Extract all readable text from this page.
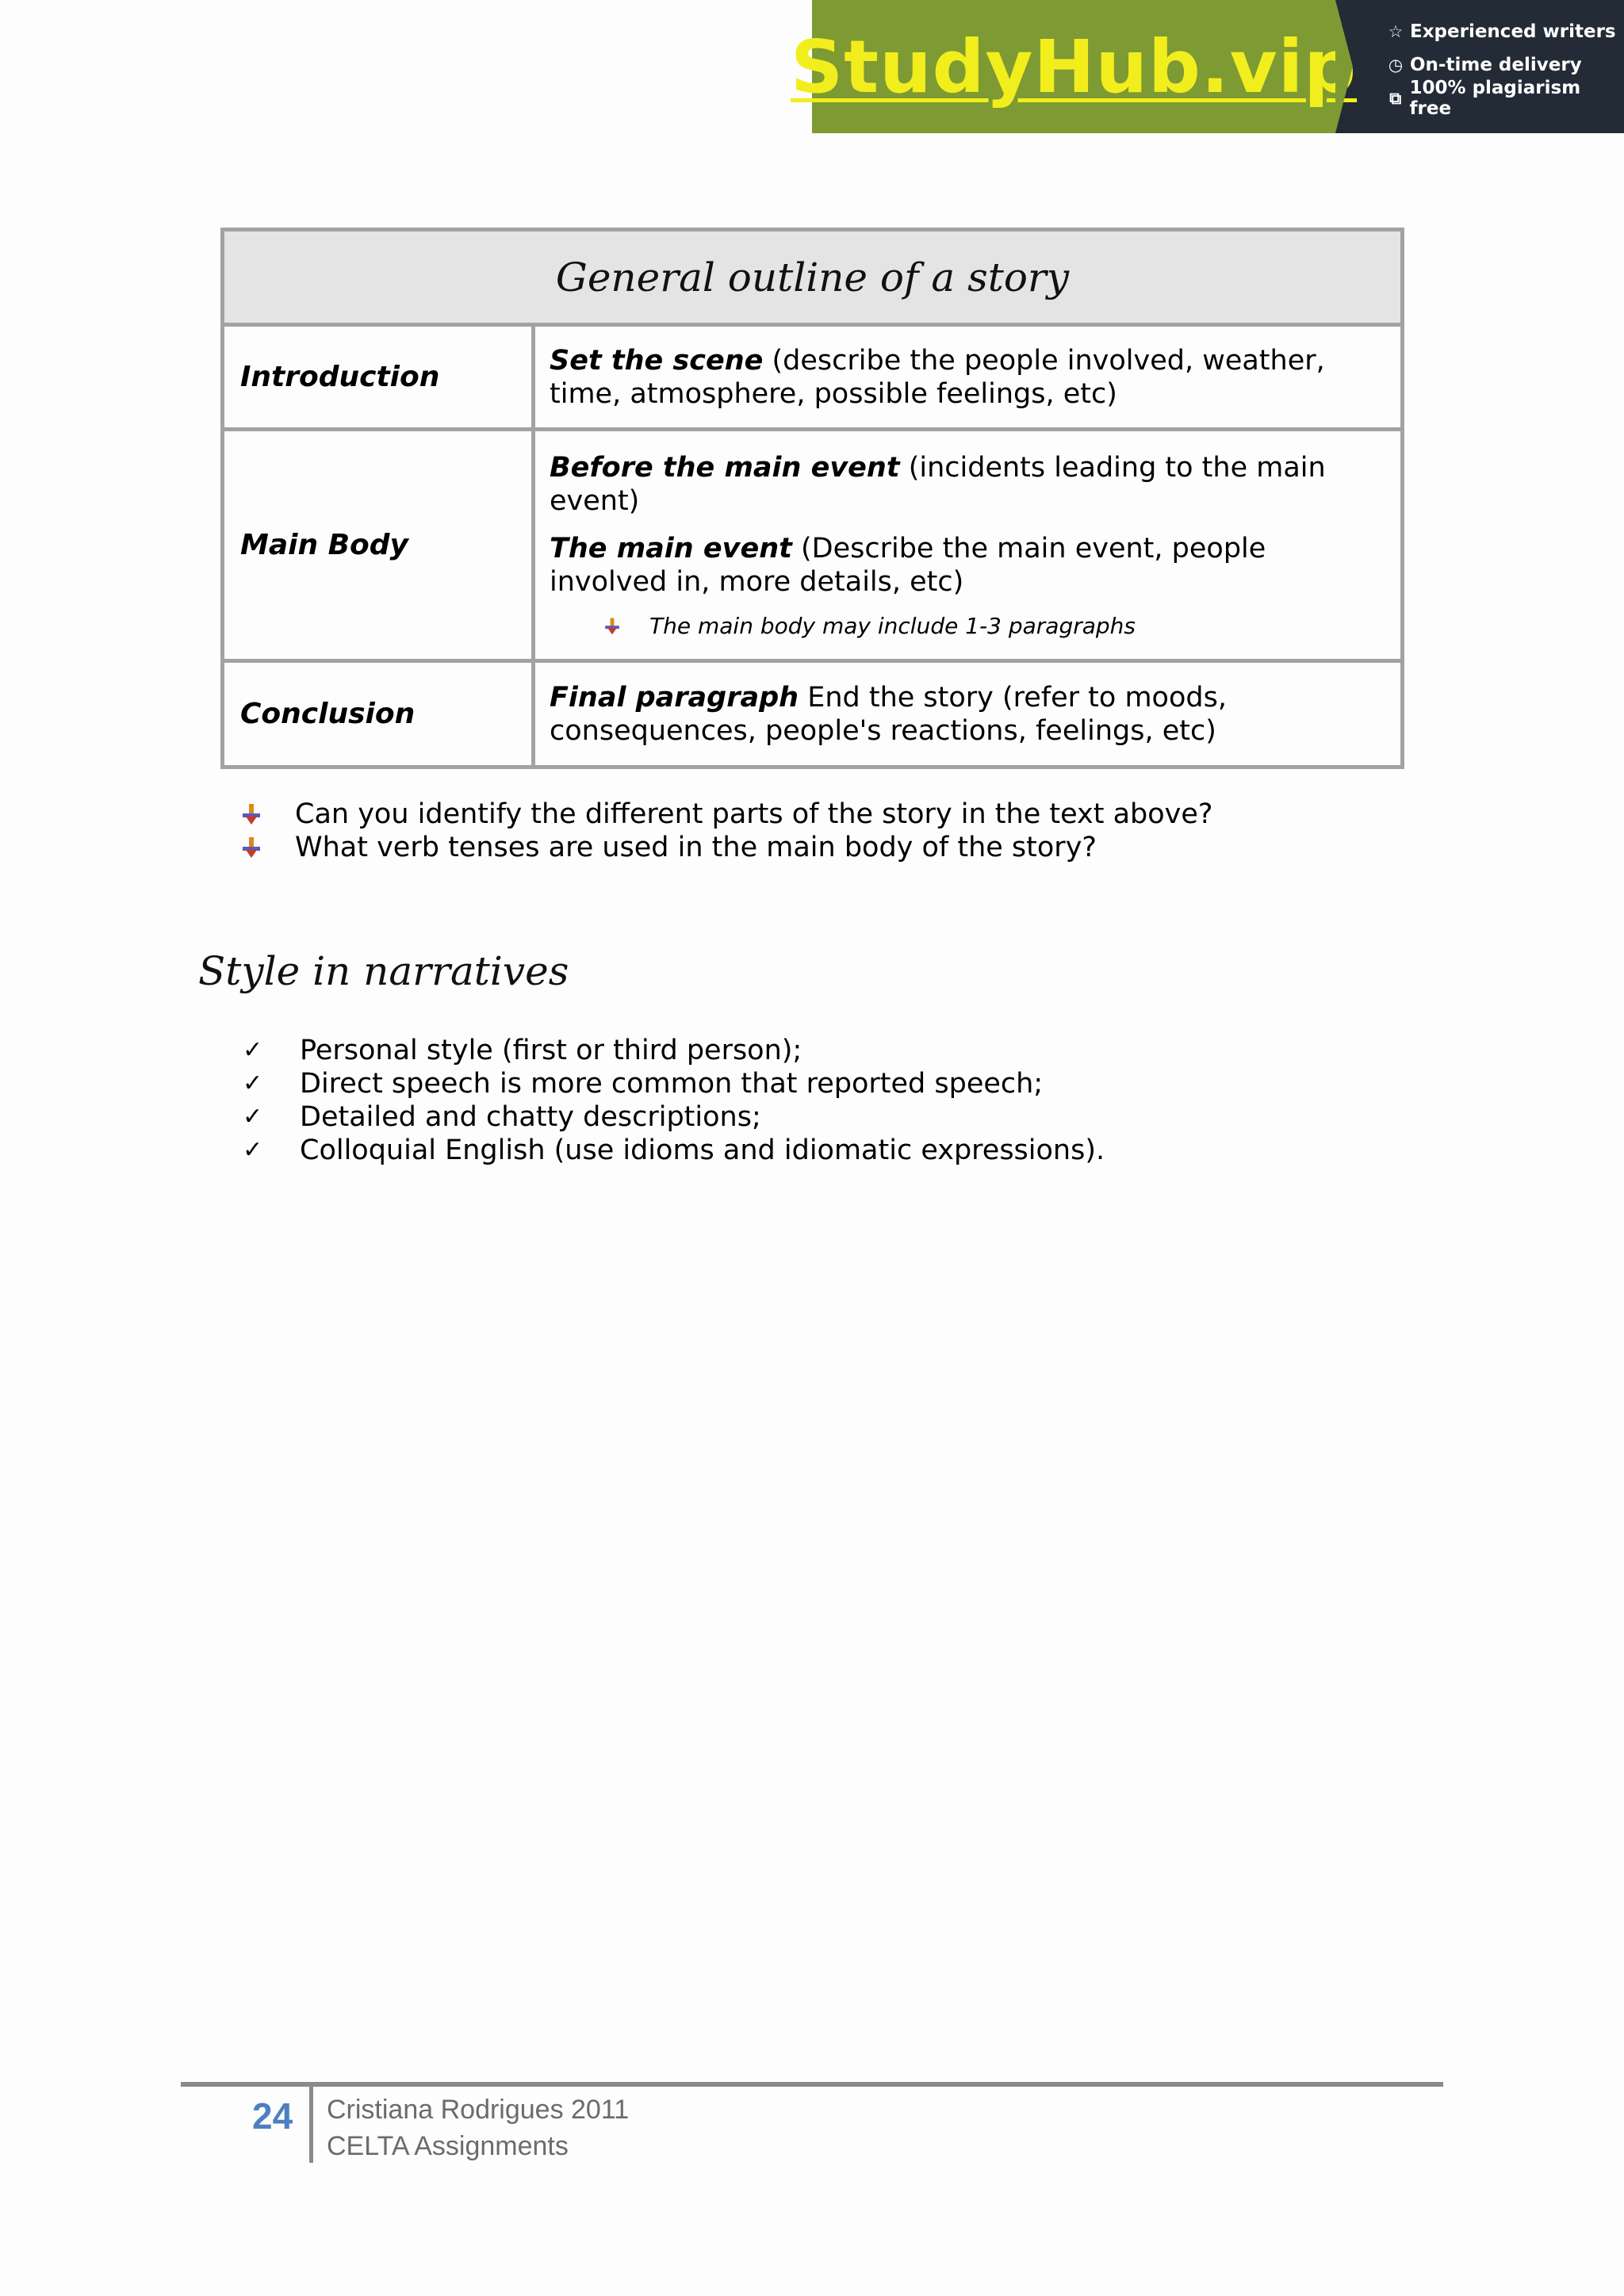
StudyHub.vip ☆ Experienced writers
◷ On-time delivery
⧉ 100% plagiarism free
General outline of a story	
Introduction	Set the scene (describe the people involved, weather, time, atmosphere, possible feelings, etc)

Main Body	Before the main event (incidents leading to the main event)

The main event (Describe the main event, people involved in, more details, etc)

The main body may include 1-3 paragraphs

Conclusion	Final paragraph End the story (refer to moods, consequences, people's reactions, feelings, etc)

Can you identify the different parts of the story in the text above?
What verb tenses are used in the main body of the story?
Style in narratives
✓ Personal style (first or third person);
✓ Direct speech is more common that reported speech;
✓ Detailed and chatty descriptions;
✓ Colloquial English (use idioms and idiomatic expressions).
24 Cristiana Rodrigues 2011
CELTA Assignments
